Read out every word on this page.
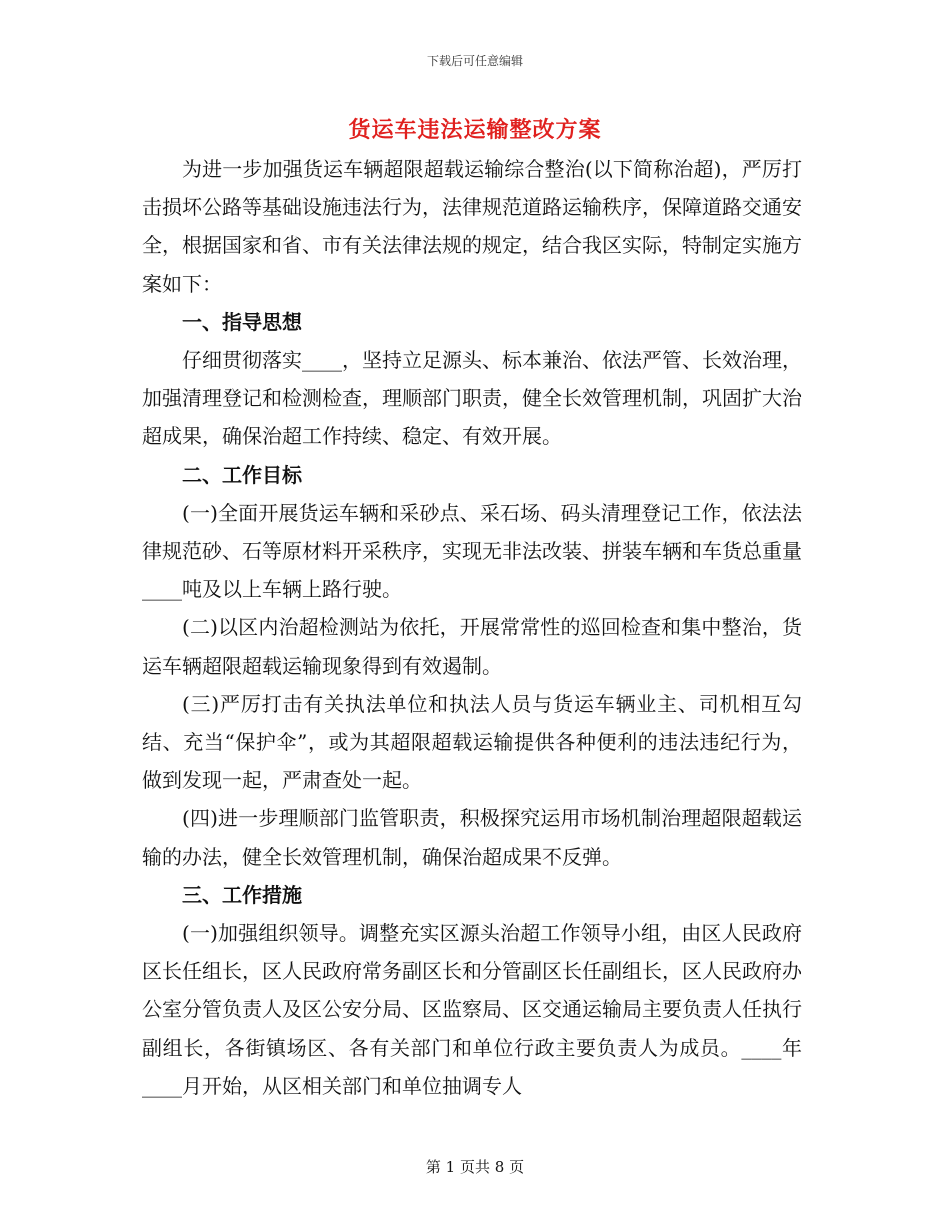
下载后可任意编辑
货运车违法运输整改方案

为进一步加强货运车辆超限超载运输综合整治(以下简称治超)，严厉打击损坏公路等基础设施违法行为，法律规范道路运输秩序，保障道路交通安全，根据国家和省、市有关法律法规的规定，结合我区实际，特制定实施方案如下：

一、指导思想

仔细贯彻落实____，坚持立足源头、标本兼治、依法严管、长效治理，加强清理登记和检测检查，理顺部门职责，健全长效管理机制，巩固扩大治超成果，确保治超工作持续、稳定、有效开展。

二、工作目标

(一)全面开展货运车辆和采砂点、采石场、码头清理登记工作，依法法律规范砂、石等原材料开采秩序，实现无非法改装、拼装车辆和车货总重量____吨及以上车辆上路行驶。

(二)以区内治超检测站为依托，开展常常性的巡回检查和集中整治，货运车辆超限超载运输现象得到有效遏制。

(三)严厉打击有关执法单位和执法人员与货运车辆业主、司机相互勾结、充当“保护伞”，或为其超限超载运输提供各种便利的违法违纪行为，做到发现一起，严肃查处一起。

(四)进一步理顺部门监管职责，积极探究运用市场机制治理超限超载运输的办法，健全长效管理机制，确保治超成果不反弹。

三、工作措施

(一)加强组织领导。调整充实区源头治超工作领导小组，由区人民政府区长任组长，区人民政府常务副区长和分管副区长任副组长，区人民政府办公室分管负责人及区公安分局、区监察局、区交通运输局主要负责人任执行副组长，各街镇场区、各有关部门和单位行政主要负责人为成员。____年____月开始，从区相关部门和单位抽调专人

第 1 页共 8 页
